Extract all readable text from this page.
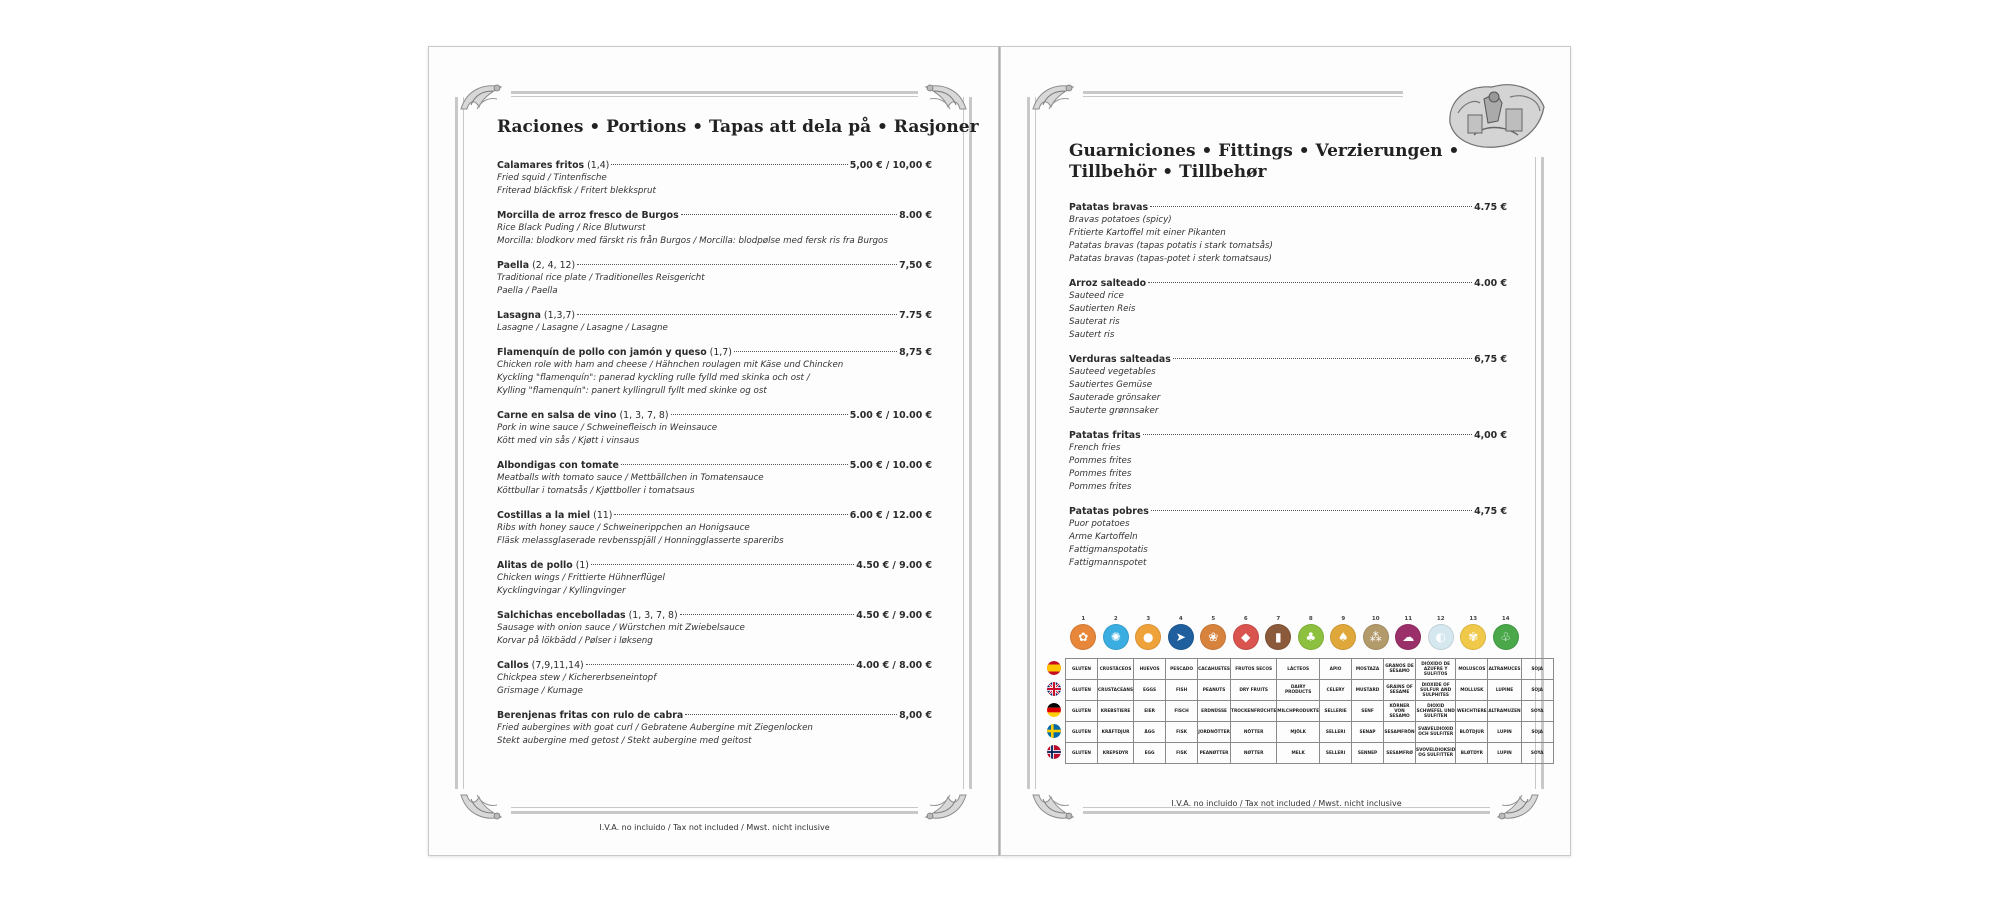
Raciones • Portions • Tapas att dela på • Rasjoner
Calamares fritos (1,4)	5,00 € / 10,00 €
Fried squid / Tintenfische
Friterad bläckfisk / Fritert blekksprut
Morcilla de arroz fresco de Burgos	8.00 €
Rice Black Puding / Rice Blutwurst
Morcilla: blodkorv med färskt ris från Burgos / Morcilla: blodpølse med fersk ris fra Burgos
Paella (2, 4, 12)	7,50 €
Traditional rice plate / Traditionelles Reisgericht
Paella / Paella
Lasagna (1,3,7)	7.75 €
Lasagne / Lasagne / Lasagne / Lasagne
Flamenquín de pollo con jamón y queso (1,7)	8,75 €
Chicken role with ham and cheese / Hähnchen roulagen mit Käse und Chincken
Kyckling "flamenquín": panerad kyckling rulle fylld med skinka och ost /
Kylling "flamenquín": panert kyllingrull fyllt med skinke og ost
Carne en salsa de vino (1, 3, 7, 8)	5.00 € / 10.00 €
Pork in wine sauce / Schweinefleisch in Weinsauce
Kött med vin sås / Kjøtt i vinsaus
Albondigas con tomate	5.00 € / 10.00 €
Meatballs with tomato sauce / Mettbällchen in Tomatensauce
Köttbullar i tomatsås / Kjøttboller i tomatsaus
Costillas a la miel (11)	6.00 € / 12.00 €
Ribs with honey sauce / Schweinerippchen an Honigsauce
Fläsk melassglaserade revbensspjäll / Honningglasserte spareribs
Alitas de pollo (1)	4.50 € / 9.00 €
Chicken wings / Frittierte Hühnerflügel
Kycklingvingar / Kyllingvinger
Salchichas encebolladas (1, 3, 7, 8)	4.50 € / 9.00 €
Sausage with onion sauce / Würstchen mit Zwiebelsauce
Korvar på lökbädd / Pølser i løkseng
Callos (7,9,11,14)	4.00 € / 8.00 €
Chickpea stew / Kichererbseneintopf
Grismage / Kumage
Berenjenas fritas con rulo de cabra	8,00 €
Fried aubergines with goat curl / Gebratene Aubergine mit Ziegenlocken
Stekt aubergine med getost / Stekt aubergine med geitost
I.V.A. no incluido / Tax not included / Mwst. nicht inclusive
Guarniciones • Fittings • Verzierungen •
Tillbehör • Tillbehør
Patatas bravas	4.75 €
Bravas potatoes (spicy)
Fritierte Kartoffel mit einer Pikanten
Patatas bravas (tapas potatis i stark tomatsås)
Patatas bravas (tapas-potet i sterk tomatsaus)
Arroz salteado	4.00 €
Sauteed rice
Sautierten Reis
Sauterat ris
Sautert ris
Verduras salteadas	6,75 €
Sauteed vegetables
Sautiertes Gemüse
Sauterade grönsaker
Sauterte grønnsaker
Patatas fritas	4,00 €
French fries
Pommes frites
Pommes frites
Pommes frites
Patatas pobres	4,75 €
Puor potatoes
Arme Kartoffeln
Fattigmanspotatis
Fattigmannspotet
1
✿
2
✺
3
●
4
➤
5
❀
6
◆
7
▮
8
♣
9
♠
10
⁂
11
☁
12
◐
13
✾
14
♧
	GLUTEN	CRUSTÁCEOS	HUEVOS	PESCADO	CACAHUETES	FRUTOS SECOS	LÁCTEOS	APIO	MOSTAZA	GRANOS DE SÉSAMO	DIÓXIDO DE AZUFRE Y SULFITOS	MOLUSCOS	ALTRAMUCES	SOJA
	GLUTEN	CRUSTACEANS	EGGS	FISH	PEANUTS	DRY FRUITS	DAIRY PRODUCTS	CELERY	MUSTARD	GRAINS OF SESAME	DIOXIDE OF SULFUR AND SULPHITES	MOLLUSK	LUPINE	SOJA
	GLUTEN	KREBSTIERE	EIER	FISCH	ERDNÜSSE	TROCKENFRÜCHTE	MILCHPRODUKTE	SELLERIE	SENF	KÖRNER VON SESAMO	DIOXID SCHWEFEL UND SULFITEN	WEICHTIERE	ALTRAMUZEN	SOYA
	GLUTEN	KRÄFTDJUR	ÄGG	FISK	JORDNÖTTER	NÖTTER	MJÖLK	SELLERI	SENAP	SESAMFRÖN	SVAVELDIOXID OCH SULFITER	BLÖTDJUR	LUPIN	SOJA
	GLUTEN	KREPSDYR	EGG	FISK	PEANØTTER	NØTTER	MELK	SELLERI	SENNEP	SESAMFRØ	SVOVELDIOKSID OG SULFITTER	BLØTDYR	LUPIN	SOYA
I.V.A. no incluido / Tax not included / Mwst. nicht inclusive
